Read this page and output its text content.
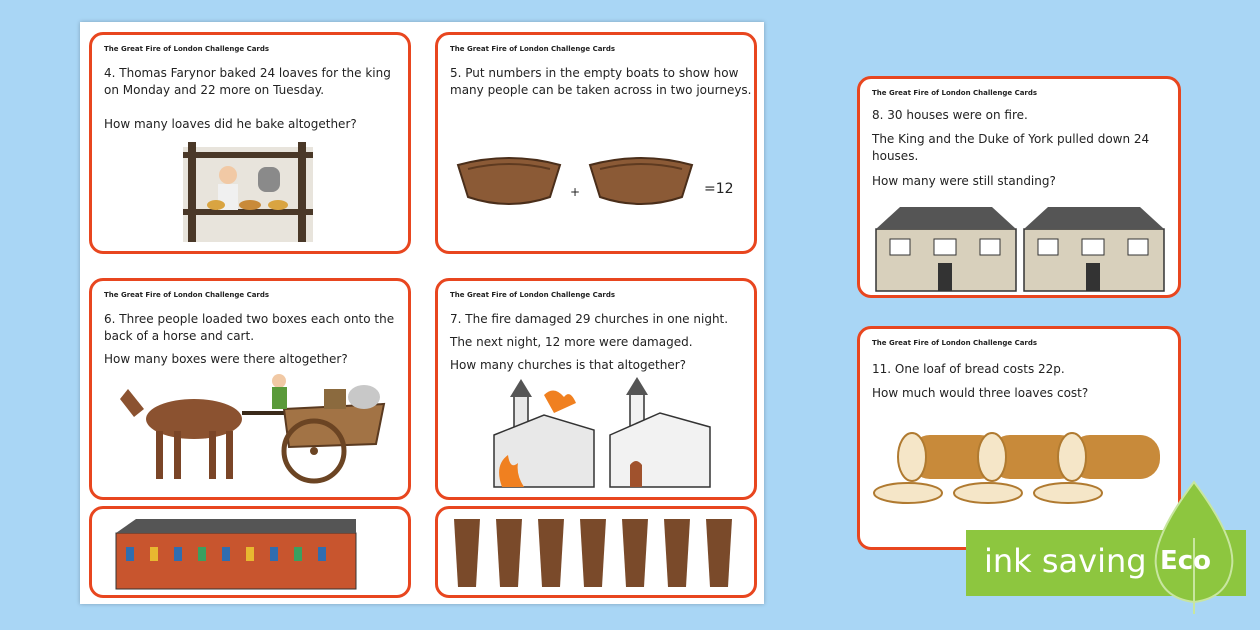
The Great Fire of London Challenge Cards

4. Thomas Farynor baked 24 loaves for the king

on Monday and 22 more on Tuesday.

How many loaves did he bake altogether?

The Great Fire of London Challenge Cards

5. Put numbers in the empty boats to show how

many people can be taken across in two journeys.

+	=12
The Great Fire of London Challenge Cards

6. Three people loaded two boxes each onto the

back of a horse and cart.

How many boxes were there altogether?

The Great Fire of London Challenge Cards

7. The fire damaged 29 churches in one night.

The next night, 12 more were damaged.

How many churches is that altogether?

The Great Fire of London Challenge Cards

8. 30 houses were on fire.

The King and the Duke of York pulled down 24

houses.

How many were still standing?

The Great Fire of London Challenge Cards

11. One loaf of bread costs 22p.

How much would three loaves cost?

ink saving Eco
